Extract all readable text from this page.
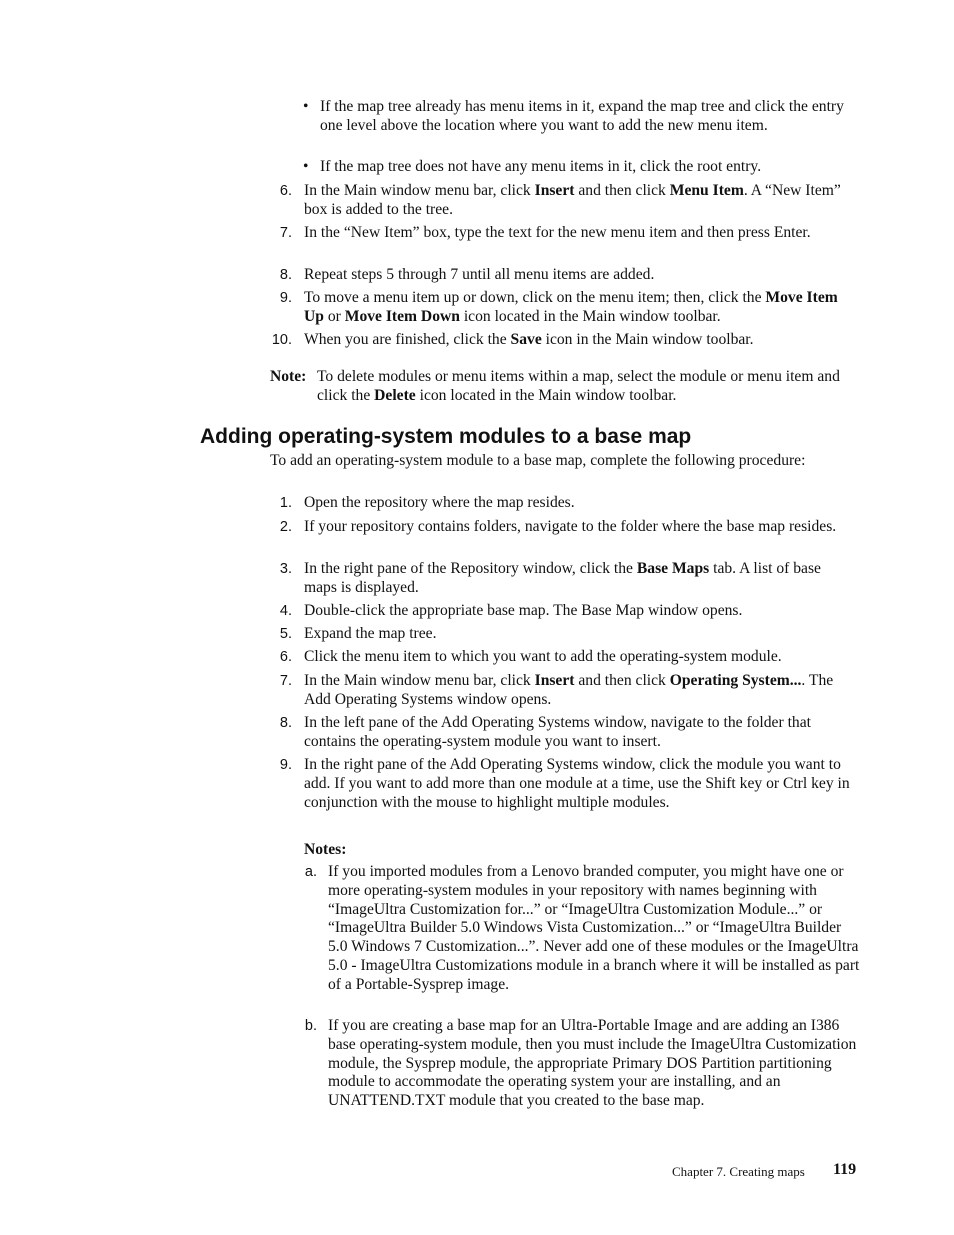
• If the map tree already has menu items in it, expand the map tree and click the entry one level above the location where you want to add the new menu item.
• If the map tree does not have any menu items in it, click the root entry.
6. In the Main window menu bar, click Insert and then click Menu Item. A “New Item” box is added to the tree.
7. In the “New Item” box, type the text for the new menu item and then press Enter.
8. Repeat steps 5 through 7 until all menu items are added.
9. To move a menu item up or down, click on the menu item; then, click the Move Item Up or Move Item Down icon located in the Main window toolbar.
10. When you are finished, click the Save icon in the Main window toolbar.
Note: To delete modules or menu items within a map, select the module or menu item and click the Delete icon located in the Main window toolbar.
Adding operating-system modules to a base map
To add an operating-system module to a base map, complete the following procedure:
1. Open the repository where the map resides.
2. If your repository contains folders, navigate to the folder where the base map resides.
3. In the right pane of the Repository window, click the Base Maps tab. A list of base maps is displayed.
4. Double-click the appropriate base map. The Base Map window opens.
5. Expand the map tree.
6. Click the menu item to which you want to add the operating-system module.
7. In the Main window menu bar, click Insert and then click Operating System.... The Add Operating Systems window opens.
8. In the left pane of the Add Operating Systems window, navigate to the folder that contains the operating-system module you want to insert.
9. In the right pane of the Add Operating Systems window, click the module you want to add. If you want to add more than one module at a time, use the Shift key or Ctrl key in conjunction with the mouse to highlight multiple modules.
Notes:
a. If you imported modules from a Lenovo branded computer, you might have one or more operating-system modules in your repository with names beginning with “ImageUltra Customization for...” or “ImageUltra Customization Module...” or “ImageUltra Builder 5.0 Windows Vista Customization...” or “ImageUltra Builder 5.0 Windows 7 Customization...”. Never add one of these modules or the ImageUltra 5.0 - ImageUltra Customizations module in a branch where it will be installed as part of a Portable-Sysprep image.
b. If you are creating a base map for an Ultra-Portable Image and are adding an I386 base operating-system module, then you must include the ImageUltra Customization module, the Sysprep module, the appropriate Primary DOS Partition partitioning module to accommodate the operating system your are installing, and an UNATTEND.TXT module that you created to the base map.
Chapter 7. Creating maps 119
